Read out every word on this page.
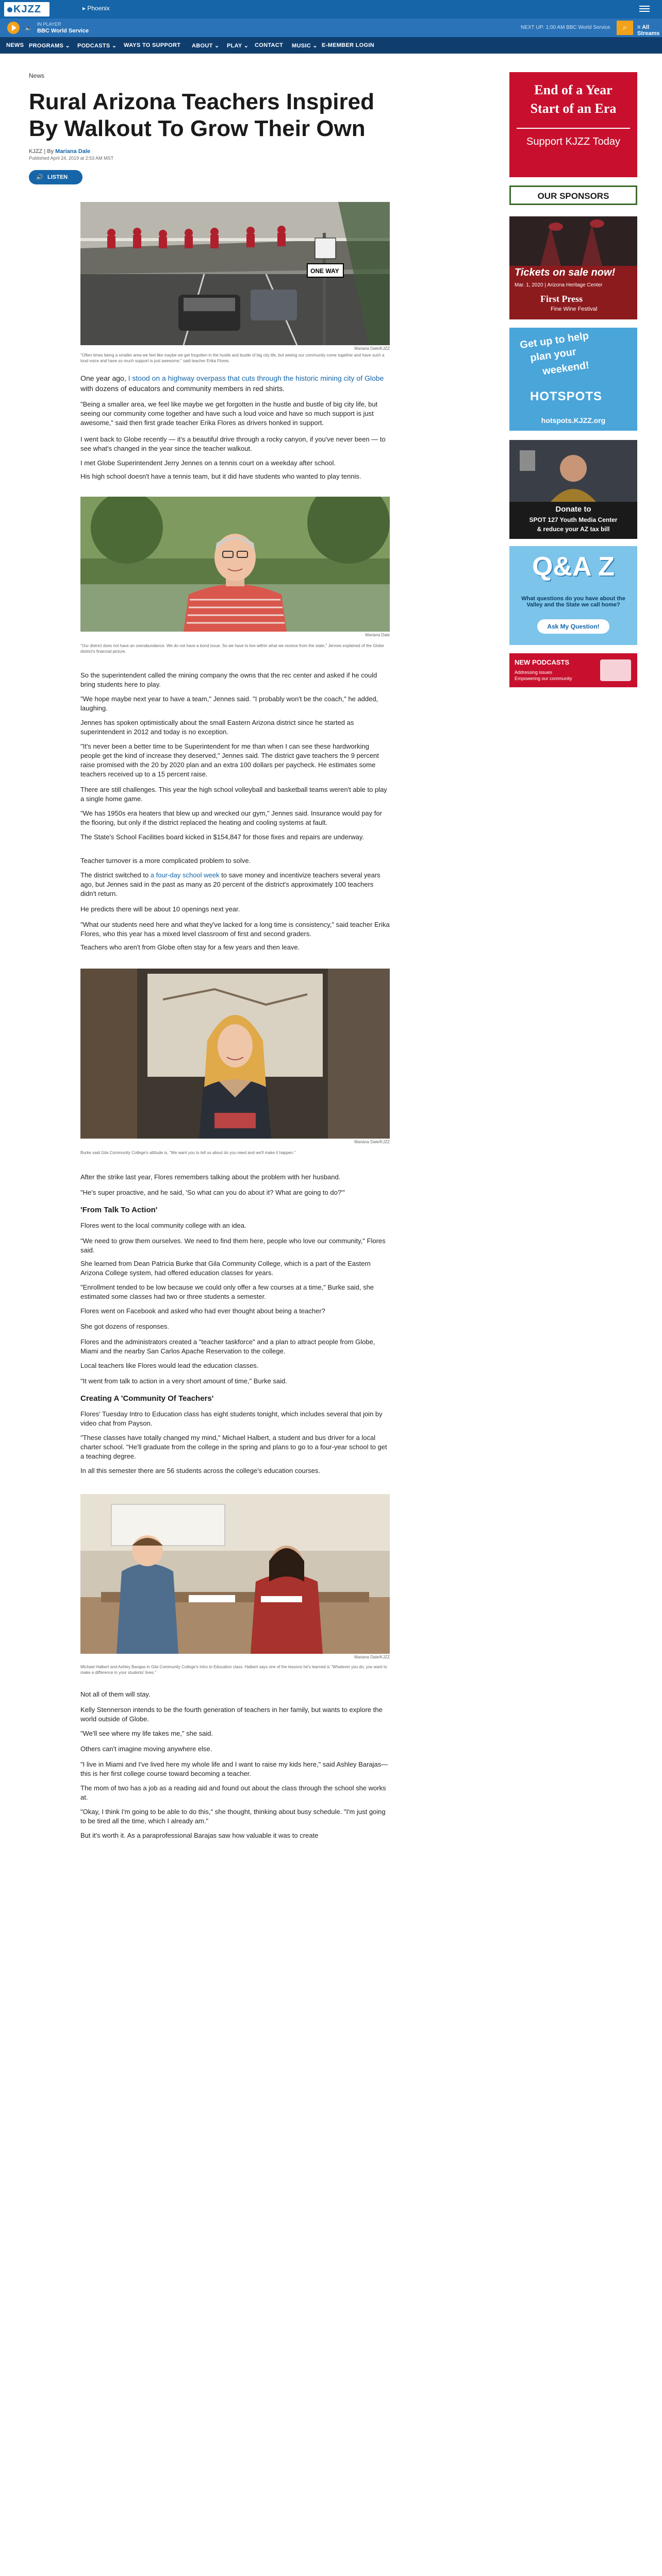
KJZZ	▸ Phoenix
🔈 IN PLAYER
BBC World Service
NEXT UP: 1:00 AM BBC World Service	⌕	≡ All Streams
NEWS PROGRAMS ⌄ PODCASTS ⌄ WAYS TO SUPPORT ABOUT ⌄ PLAY ⌄ CONTACT MUSIC ⌄ E-MEMBER LOGIN
News
Rural Arizona Teachers Inspired By Walkout To Grow Their Own
KJZZ | By Mariana Dale
Published April 24, 2019 at 2:53 AM MST
🔊 LISTEN
ONE WAY
Mariana Dale/KJZZ
"Often times being a smaller area we feel like maybe we get forgotten in the hustle and bustle of big city life, but seeing our community come together and have such a loud voice and have so much support is just awesome," said teacher Erika Flores.

One year ago, I stood on a highway overpass that cuts through the historic mining city of Globe with dozens of educators and community members in red shirts.

"Being a smaller area, we feel like maybe we get forgotten in the hustle and bustle of big city life, but seeing our community come together and have such a loud voice and have so much support is just awesome," said then first grade teacher Erika Flores as drivers honked in support.

I went back to Globe recently — it's a beautiful drive through a rocky canyon, if you've never been — to see what's changed in the year since the teacher walkout.

I met Globe Superintendent Jerry Jennes on a tennis court on a weekday after school.

His high school doesn't have a tennis team, but it did have students who wanted to play tennis.

Mariana Dale
"Our district does not have an overabundance. We do not have a bond issue. So we have to live within what we receive from the state," Jennes explained of the Globe district's financial picture.

So the superintendent called the mining company the owns that the rec center and asked if he could bring students here to play.

"We hope maybe next year to have a team," Jennes said. "I probably won't be the coach," he added, laughing.

Jennes has spoken optimistically about the small Eastern Arizona district since he started as superintendent in 2012 and today is no exception.

"It's never been a better time to be Superintendent for me than when I can see these hardworking people get the kind of increase they deserved," Jennes said. The district gave teachers the 9 percent raise promised with the 20 by 2020 plan and an extra 100 dollars per paycheck. He estimates some teachers received up to a 15 percent raise.

There are still challenges. This year the high school volleyball and basketball teams weren't able to play a single home game.

"We has 1950s era heaters that blew up and wrecked our gym," Jennes said. Insurance would pay for the flooring, but only if the district replaced the heating and cooling systems at fault.

The State's School Facilities board kicked in $154,847 for those fixes and repairs are underway.

Teacher turnover is a more complicated problem to solve.

The district switched to a four-day school week to save money and incentivize teachers several years ago, but Jennes said in the past as many as 20 percent of the district's approximately 100 teachers didn't return.

He predicts there will be about 10 openings next year.

"What our students need here and what they've lacked for a long time is consistency," said teacher Erika Flores, who this year has a mixed level classroom of first and second graders.

Teachers who aren't from Globe often stay for a few years and then leave.

Mariana Dale/KJZZ
Burke said Gila Community College's attitude is, "We want you to tell us about do you need and we'll make it happen."

After the strike last year, Flores remembers talking about the problem with her husband.

"He's super proactive, and he said, 'So what can you do about it? What are going to do?'"

'From Talk To Action'

Flores went to the local community college with an idea.

"We need to grow them ourselves. We need to find them here, people who love our community," Flores said.

She learned from Dean Patricia Burke that Gila Community College, which is a part of the Eastern Arizona College system, had offered education classes for years.

"Enrollment tended to be low because we could only offer a few courses at a time," Burke said, she estimated some classes had two or three students a semester.

Flores went on Facebook and asked who had ever thought about being a teacher?

She got dozens of responses.

Flores and the administrators created a "teacher taskforce" and a plan to attract people from Globe, Miami and the nearby San Carlos Apache Reservation to the college.

Local teachers like Flores would lead the education classes.

"It went from talk to action in a very short amount of time," Burke said.

Creating A 'Community Of Teachers'

Flores' Tuesday Intro to Education class has eight students tonight, which includes several that join by video chat from Payson.

"These classes have totally changed my mind," Michael Halbert, a student and bus driver for a local charter school. "He'll graduate from the college in the spring and plans to go to a four-year school to get a teaching degree.

In all this semester there are 56 students across the college's education courses.

Mariana Dale/KJZZ
Michael Halbert and Ashley Barajas in Gila Community College's Intro to Education class. Halbert says one of the lessons he's learned is "Whatever you do, you want to make a difference in your students' lives."

Not all of them will stay.

Kelly Stennerson intends to be the fourth generation of teachers in her family, but wants to explore the world outside of Globe.

"We'll see where my life takes me," she said.

Others can't imagine moving anywhere else.

"I live in Miami and I've lived here my whole life and I want to raise my kids here," said Ashley Barajas— this is her first college course toward becoming a teacher.

The mom of two has a job as a reading aid and found out about the class through the school she works at.

"Okay, I think I'm going to be able to do this," she thought, thinking about busy schedule. "I'm just going to be tired all the time, which I already am."

But it's worth it. As a paraprofessional Barajas saw how valuable it was to create

End of a Year
Start of an Era
Support KJZZ Today
OUR SPONSORS
Tickets on sale now!
Mar. 1, 2020 | Arizona Heritage Center
First Press
Fine Wine Festival
Get up to help
plan your
weekend!
HOTSPOTS
hotspots.KJZZ.org
Donate to
SPOT 127 Youth Media Center
& reduce your AZ tax bill
Q&A Z
What questions do you have about the Valley and the State we call home?
Ask My Question!
NEW PODCASTS
Addressing issues
Empowering our community
